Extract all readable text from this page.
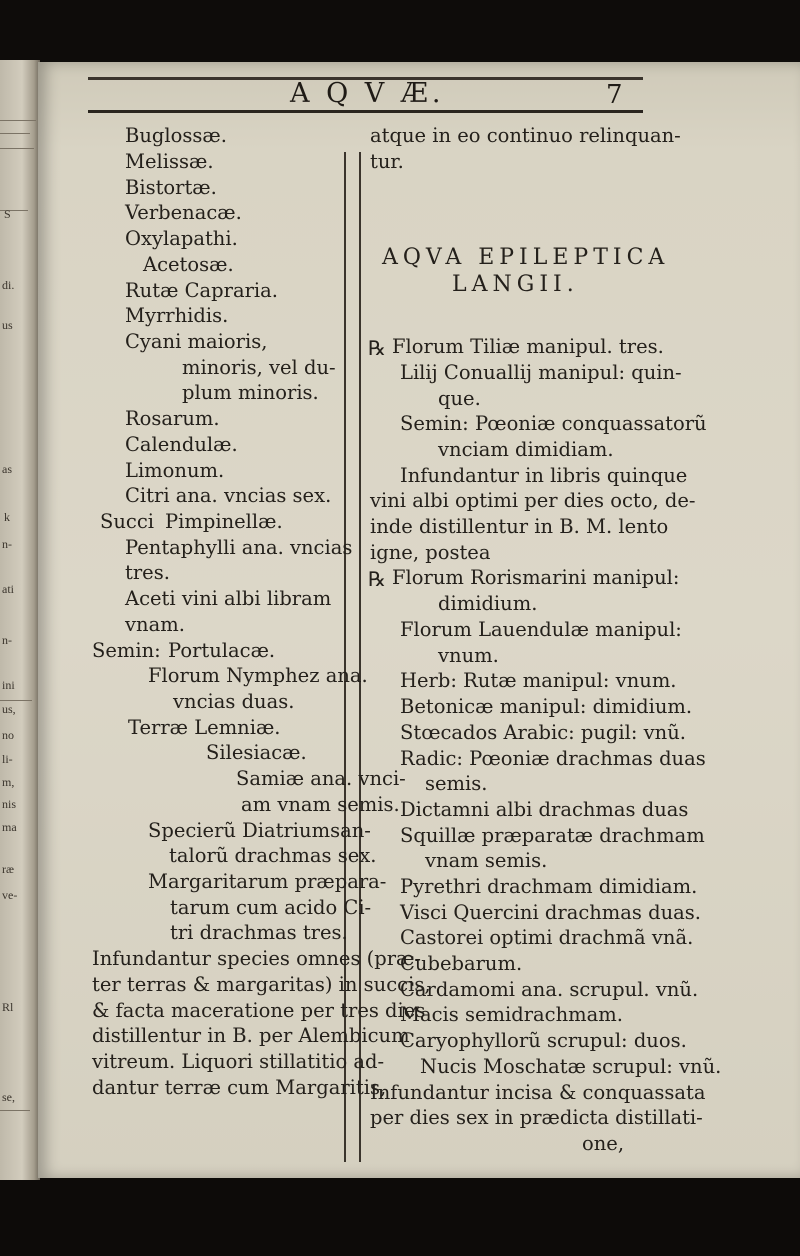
S
di.
us
as
k
n-
ati
n-
ini
us,
no
li-
m,
nis
ma
ræ
ve-
Rl
se,
A Q V Æ.	7
Buglossæ.
Melissæ.
Bistortæ.
Verbenacæ.
Oxylapathi.
Acetosæ.
Rutæ Capraria.
Myrrhidis.
Cyani maioris,
minoris, vel du-
plum minoris.
Rosarum.
Calendulæ.
Limonum.
Citri ana. vncias sex.
Succi Pimpinellæ.
Pentaphylli ana. vncias
tres.
Aceti vini albi libram
vnam.
Semin: Portulacæ.
Florum Nymphez ana.
vncias duas.
Terræ Lemniæ.
Silesiacæ.
Samiæ ana. vnci-
am vnam semis.
Specierũ Diatriumsan-
talorũ drachmas sex.
Margaritarum præpara-
tarum cum acido Ci-
tri drachmas tres.
Infundantur species omnes (præ-
ter terras & margaritas) in succis,
& facta maceratione per tres dies
distillentur in B. per Alembicum
vitreum. Liquori stillatitio ad-
dantur terræ cum Margaritis,
atque in eo continuo relinquan-
tur.
AQVA EPILEPTICA
LANGII.
℞ Florum Tiliæ manipul. tres.
Lilij Conuallij manipul: quin-
que.
Semin: Pœoniæ conquassatorũ
vnciam dimidiam.
Infundantur in libris quinque
vini albi optimi per dies octo, de-
inde distillentur in B. M. lento
igne, postea
℞ Florum Rorismarini manipul:
dimidium.
Florum Lauendulæ manipul:
vnum.
Herb: Rutæ manipul: vnum.
Betonicæ manipul: dimidium.
Stœcados Arabic: pugil: vnũ.
Radic: Pœoniæ drachmas duas
semis.
Dictamni albi drachmas duas
Squillæ præparatæ drachmam
vnam semis.
Pyrethri drachmam dimidiam.
Visci Quercini drachmas duas.
Castorei optimi drachmã vnã.
Cubebarum.
Cardamomi ana. scrupul. vnũ.
Macis semidrachmam.
Caryophyllorũ scrupul: duos.
Nucis Moschatæ scrupul: vnũ.
Infundantur incisa & conquassata
per dies sex in prædicta distillati-
one,
